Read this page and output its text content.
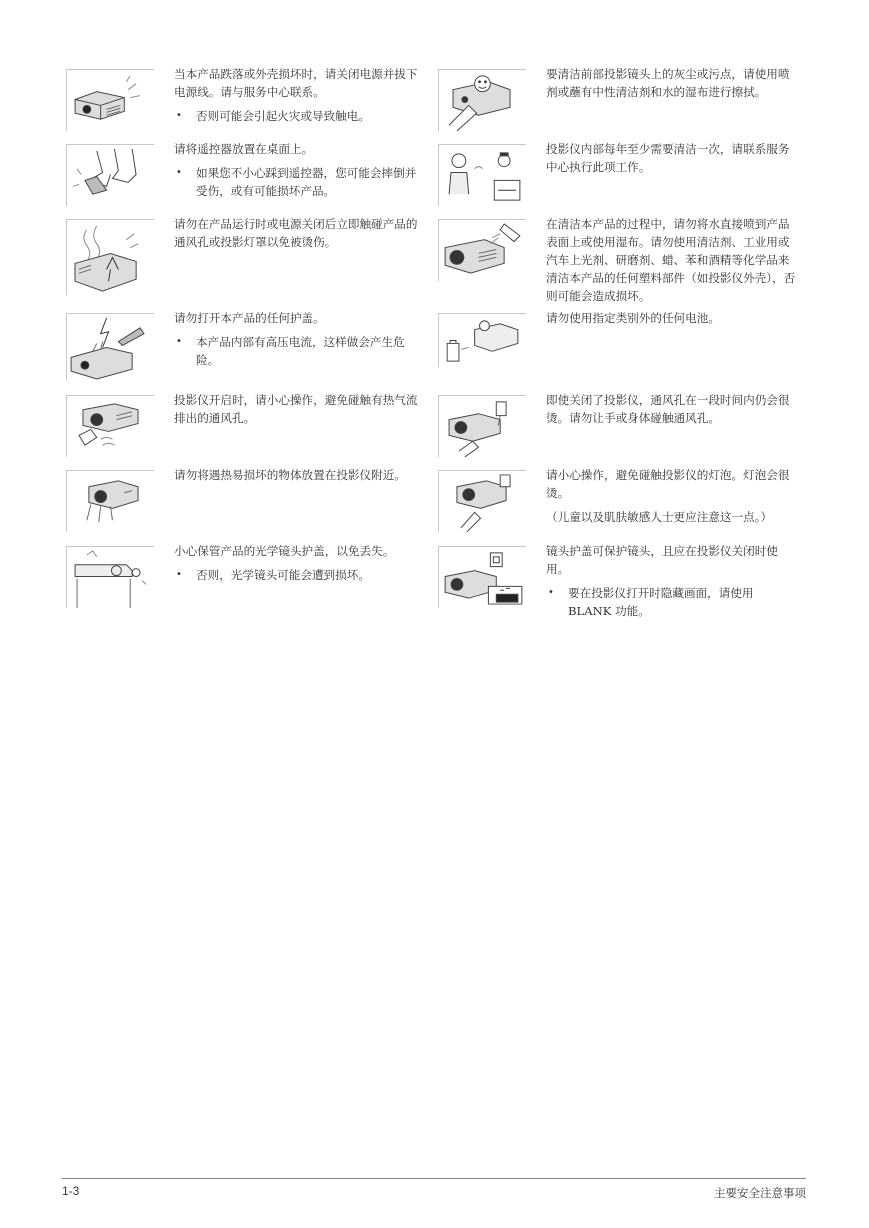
当本产品跌落或外壳损坏时，请关闭电源并拔下电源线。请与服务中心联系。

• 否则可能会引起火灾或导致触电。

请将遥控器放置在桌面上。

• 如果您不小心踩到遥控器，您可能会摔倒并受伤，或有可能损坏产品。

请勿在产品运行时或电源关闭后立即触碰产品的通风孔或投影灯罩以免被烫伤。

请勿打开本产品的任何护盖。

• 本产品内部有高压电流，这样做会产生危险。

投影仪开启时，请小心操作，避免碰触有热气流排出的通风孔。

请勿将遇热易损坏的物体放置在投影仪附近。

小心保管产品的光学镜头护盖，以免丢失。

• 否则，光学镜头可能会遭到损坏。

要清洁前部投影镜头上的灰尘或污点，请使用喷剂或蘸有中性清洁剂和水的湿布进行擦拭。

投影仪内部每年至少需要清洁一次，请联系服务中心执行此项工作。

在清洁本产品的过程中，请勿将水直接喷到产品表面上或使用湿布。请勿使用清洁剂、工业用或汽车上光剂、研磨剂、蜡、苯和酒精等化学品来清洁本产品的任何塑料部件（如投影仪外壳），否则可能会造成损坏。

请勿使用指定类别外的任何电池。

即使关闭了投影仪，通风孔在一段时间内仍会很烫。请勿让手或身体碰触通风孔。

请小心操作，避免碰触投影仪的灯泡。灯泡会很烫。

（儿童以及肌肤敏感人士更应注意这一点。）

镜头护盖可保护镜头，且应在投影仪关闭时使用。

• 要在投影仪打开时隐藏画面，请使用 BLANK 功能。

1-3	主要安全注意事项
